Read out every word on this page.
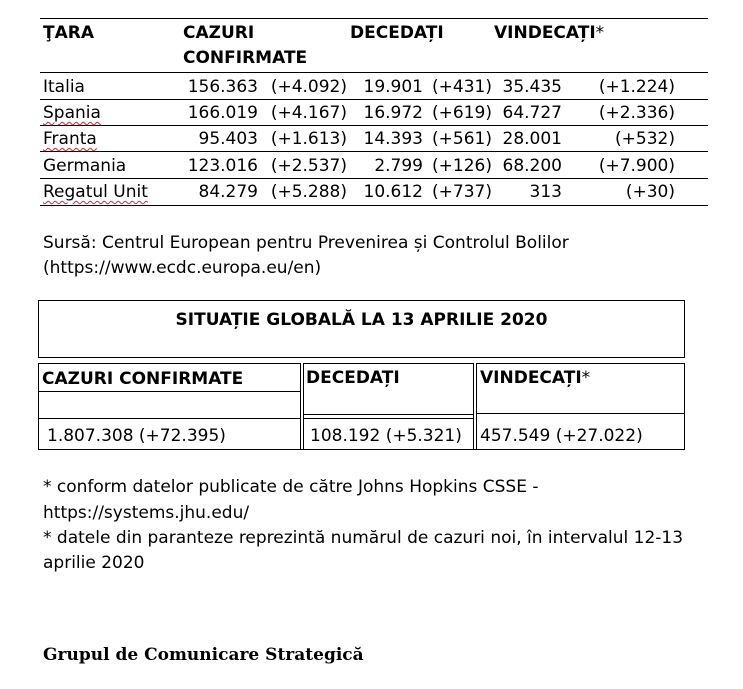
ŢARA	CAZURI
CONFIRMATE
DECEDAȚI	VINDECAȚI*
Italia	156.363 (+4.092) 19.901 (+431) 35.435	(+1.224)
Spania	166.019 (+4.167) 16.972 (+619) 64.727	(+2.336)
Franta	95.403 (+1.613) 14.393 (+561) 28.001	(+532)
Germania	123.016 (+2.537)	2.799 (+126) 68.200	(+7.900)
Regatul Unit	84.279 (+5.288) 10.612 (+737)	313	(+30)
Sursă: Centrul European pentru Prevenirea și Controlul Bolilor
(https://www.ecdc.europa.eu/en)
SITUAȚIE GLOBALĂ LA 13 APRILIE 2020
CAZURI CONFIRMATE	DECEDAȚI	VINDECAȚI*
1.807.308 (+72.395)	108.192 (+5.321) 457.549 (+27.022)
* conform datelor publicate de către Johns Hopkins CSSE -
https://systems.jhu.edu/
* datele din paranteze reprezintă numărul de cazuri noi, în intervalul 12-13
aprilie 2020
Grupul de Comunicare Strategică
